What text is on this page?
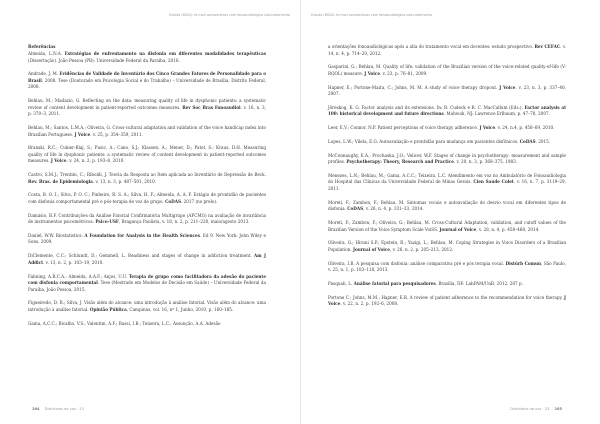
Estudo (BIGA): fo morl perspectivas com fonoaudiológica pós-tratamento
Referências

Almeida, L.N.A. Estratégias de enfrentamento na disfonia em diferentes modalidades terapêuticas (Dissertação). João Pessoa (PB): Universidade Federal da Paraíba, 2016.

Andrade, J. M. Evidências de Validade do Inventário dos Cinco Grandes Fatores de Personalidade para o Brasil. 2008. Tese (Doutorado em Psicologia Social e do Trabalho) – Universidade de Brasília, Distrito Federal, 2008.

Behlau, M.; Madazio, G. Reflecting on the data: measuring quality of life in dysphonic patients: a systematic review of content development in patient-reported outcomes measures. Rev Soc Bras Fonoaudiol. v. 16, n. 3, p. 370–3, 2011.

Behlau, M.; Santos, L.M.A.; Oliveira, G. Cross-cultural adaptation and validation of the voice handicap index into Brazilian Portuguese. J Voice. v. 25, p. 354–359, 2011.

Branski, R.C.; Cukier-Blaj, S.; Pusic, A.; Cano, S.J.; Klassen, A.; Mener, D.; Patel, S.; Kraus, D.H. Measuring quality of life in dysphonic patients: a systematic review of content development in patient-reported outcomes measures. J Voice. v. 24, n. 2, p. 193–8, 2010.

Castro, S.M.J.; Trentini, C.; Riboldi, J. Teoria da Resposta ao Item aplicada ao Inventário de Depressão de Beck. Rev. Bras. de Epidemiologia. v. 13, n. 3, p. 487–501, 2010.

Costa, B. O. I.; Silva, P. O. C.; Pinheiro, R. S. A.; Silva, H. F.; Almeida, A. A. F. Estágio de prontidão de pacientes com disfonia comportamental pré e pós-terapia de voz de grupo. CoDAS. 2017 (no prelo).

Damásio, B.F. Contribuições da Análise Fatorial Confirmatória Multigrupo (AFCMG) na avaliação de invariância de instrumentos psicométricos. Psico-USF, Bragança Paulista, v. 18, n. 2, p. 211–220, maio/agosto 2013.

Daniel, W.W. Biostatistics: A Foundation for Analysis in the Health Sciences. Ed 9. New York: John Wiley e Sons, 2009.

DiClemente, C.C.; Schlundt, D.; Gemmell, L. Readiness and stages of change in addiction treatment. Am J Addict. v. 13, n. 2, p. 103–19, 2010.

Fahning, A.R.C.A.; Almeida, A.A.F.; Anjos, U.U. Terapia de grupo como facilitadora da adesão do paciente com disfonia comportamental. Tese (Mestrado em Modelos de Decisão em Saúde) – Universidade Federal da Paraíba, João Pessoa, 2015.

Figueiredo, D. B.; Silva, J. Visão além do alcance: uma introdução à análise fatorial. Visão além do alcance: uma introdução à análise fatorial. Opinião Pública, Campinas, vol. 16, nº 1, Junho, 2010, p. 160–185.

Gama, A.C.C.; Bicalho, V.S.; Valentim, A.F.; Bassi, I.B.; Teixeira, L.C.; Assunção, A.A. Adesão

264 Distúrbios da voz · 23
Estudo (BIGA): fo morl perspectivas com fonoaudiológica pós-tratamento

a orientações fonoaudiológicas após a alta do tratamento vocal em docentes: estudo prospectivo. Rev CEFAC. v. 14, n. 4, p. 714–20, 2012.

Gasparini, G.; Behlau, M. Quality of life: validation of the Brazilian version of the voice-related quality-of-life (V-RQOL) measure. J Voice. v. 23, p. 76–81, 2009.

Hapner, E.; Portone-Maira, C.; Johns, M. M. A study of voice therapy dropout. J Voice. v. 23, n. 3, p. 337–40, 2007.

Jöreskog, K. G. Factor analysis and its extensions. In: R. Cudeck e R. C. MacCallum (Eds.). Factor analysis at 100: historical development and future directions. Mahwah, NJ: Lawrence Erlbaum, p. 47–78, 2007.

Leer, E.V.; Connor, N.P. Patient perceptions of voice therapy adherence. J Voice. v. 24, n.4, p. 458–69, 2010.

Lopes, L.W.; Vilela, E.G. Autoavaliação e prontidão para mudança em pacientes disfônicos. CoDAS. 2015.

McConnaughy, E.A.; Prochaska, J.O.; Velicer, W.F. Stages of change in psychotherapy: measurement and sample profiles. Psychotherapy: Theory, Research and Practice. v. 20, n. 3, p. 368–375, 1983.

Menezes, L.N.; Behlau, M.; Gama, A.C.C.; Teixeira, L.C. Atendimento em voz no Ambulatório de Fonoaudiologia do Hospital das Clínicas da Universidade Federal de Minas Gerais. Cien Saude Colet. v. 16, n. 7, p. 3119–29, 2011.

Moreti, F.; Zambon, F.; Behlau, M. Sintomas vocais e autoavaliação do desvio vocal em diferentes tipos de disfonia. CoDAS, v. 26, n. 4, p. 331–33, 2014.

Moreti, F.; Zambon, F.; Oliveira, G.; Behlau, M. Cross-Cultural Adaptation, validation, and cutoff values of the Brazilian Version of the Voice Symptom Scale VoiSS. Journal of Voice, v. 28, n. 4, p. 458–468, 2014.

Oliveira, G.; Hirani S.P.; Epstein, R.; Yazigi, L.; Behlau, M. Coping Strategies in Voice Disorders of a Brazilian Population. Journal of Voice, v. 26, n. 2, p. 205–213, 2012.

Oliveira, I.B. A pesquisa com disfonia: análise comparativa pré e pós terapia vocal. Distúrb Comun, São Paulo, v. 25, n. 1, p. 103–118, 2013.

Pasquali, L. Análise fatorial para pesquisadores. Brasília, DF: LabPAM/UnB, 2012. 287 p.

Portone C.; Johns, M.M.; Hapner, E.R. A review of patient adherence to the recommendation for voice therapy. J Voice. v. 22, n. 2, p. 192–6, 2008.

Distúrbios da voz · 23 265
